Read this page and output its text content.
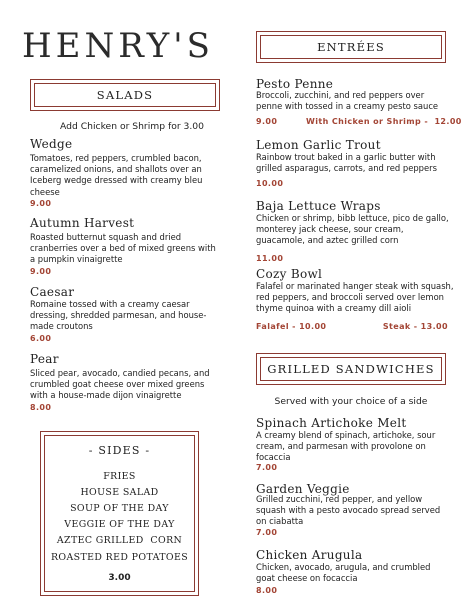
HENRY'S
SALADS
Add Chicken or Shrimp for 3.00
Wedge
Tomatoes, red peppers, crumbled bacon, caramelized onions, and shallots over an Iceberg wedge dressed with creamy bleu cheese
9.00
Autumn Harvest
Roasted butternut squash and dried cranberries over a bed of mixed greens with a pumpkin vinaigrette
9.00
Caesar
Romaine tossed with a creamy caesar dressing, shredded parmesan, and house-made croutons
6.00
Pear
Sliced pear, avocado, candied pecans, and crumbled goat cheese over mixed greens with a house-made dijon vinaigrette
8.00
- SIDES -
FRIES
HOUSE SALAD
SOUP OF THE DAY
VEGGIE OF THE DAY
AZTEC GRILLED  CORN
ROASTED RED POTATOES
3.00
ENTRÉES
Pesto Penne
Broccoli, zucchini, and red peppers over penne with tossed in a creamy pesto sauce
9.00	With Chicken or Shrimp -  12.00
Lemon Garlic Trout
Rainbow trout baked in a garlic butter with grilled asparagus, carrots, and red peppers
10.00
Baja Lettuce Wraps
Chicken or shrimp, bibb lettuce, pico de gallo, monterey jack cheese, sour cream, guacamole, and aztec grilled corn
11.00
Cozy Bowl
Falafel or marinated hanger steak with squash, red peppers, and broccoli served over lemon thyme quinoa with a creamy dill aioli
Falafel - 10.00	Steak - 13.00
GRILLED SANDWICHES
Served with your choice of a side
Spinach Artichoke Melt
A creamy blend of spinach, artichoke, sour cream, and parmesan with provolone on focaccia
7.00
Garden Veggie
Grilled zucchini, red pepper, and yellow squash with a pesto avocado spread served on ciabatta
7.00
Chicken Arugula
Chicken, avocado, arugula, and crumbled goat cheese on focaccia
8.00
